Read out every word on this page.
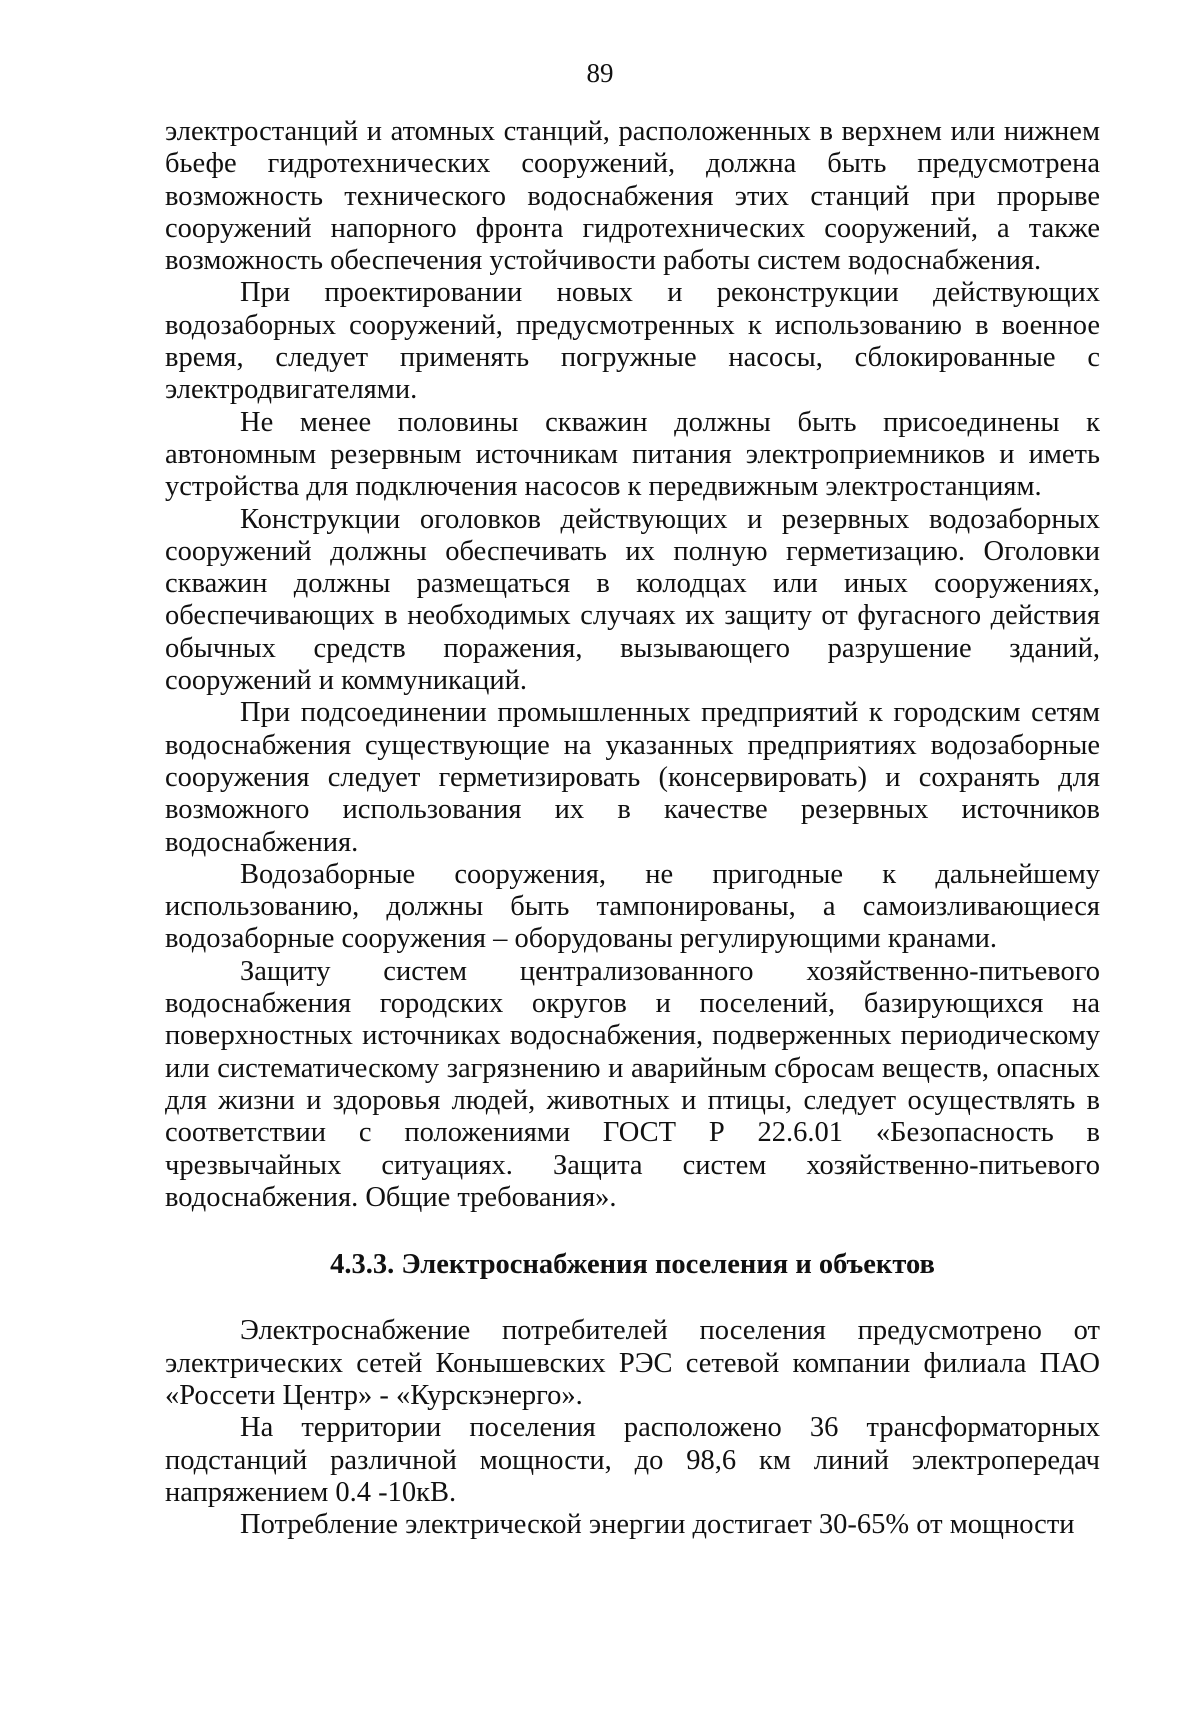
89

электростанций и атомных станций, расположенных в верхнем или нижнем бьефе гидротехнических сооружений, должна быть предусмотрена возможность технического водоснабжения этих станций при прорыве сооружений напорного фронта гидротехнических сооружений, а также возможность обеспечения устойчивости работы систем водоснабжения.

При проектировании новых и реконструкции действующих водозаборных сооружений, предусмотренных к использованию в военное время, следует применять погружные насосы, сблокированные с электродвигателями.

Не менее половины скважин должны быть присоединены к автономным резервным источникам питания электроприемников и иметь устройства для подключения насосов к передвижным электростанциям.

Конструкции оголовков действующих и резервных водозаборных сооружений должны обеспечивать их полную герметизацию. Оголовки скважин должны размещаться в колодцах или иных сооружениях, обеспечивающих в необходимых случаях их защиту от фугасного действия обычных средств поражения, вызывающего разрушение зданий, сооружений и коммуникаций.

При подсоединении промышленных предприятий к городским сетям водоснабжения существующие на указанных предприятиях водозаборные сооружения следует герметизировать (консервировать) и сохранять для возможного использования их в качестве резервных источников водоснабжения.

Водозаборные сооружения, не пригодные к дальнейшему использованию, должны быть тампонированы, а самоизливающиеся водозаборные сооружения – оборудованы регулирующими кранами.

Защиту систем централизованного хозяйственно-питьевого водоснабжения городских округов и поселений, базирующихся на поверхностных источниках водоснабжения, подверженных периодическому или систематическому загрязнению и аварийным сбросам веществ, опасных для жизни и здоровья людей, животных и птицы, следует осуществлять в соответствии с положениями ГОСТ Р 22.6.01 «Безопасность в чрезвычайных ситуациях. Защита систем хозяйственно-питьевого водоснабжения. Общие требования».

4.3.3. Электроснабжения поселения и объектов

Электроснабжение потребителей поселения предусмотрено от электрических сетей Конышевских РЭС сетевой компании филиала ПАО «Россети Центр» - «Курскэнерго».

На территории поселения расположено 36 трансформаторных подстанций различной мощности, до 98,6 км линий электропередач напряжением 0.4 -10кВ.

Потребление электрической энергии достигает 30-65% от мощности
